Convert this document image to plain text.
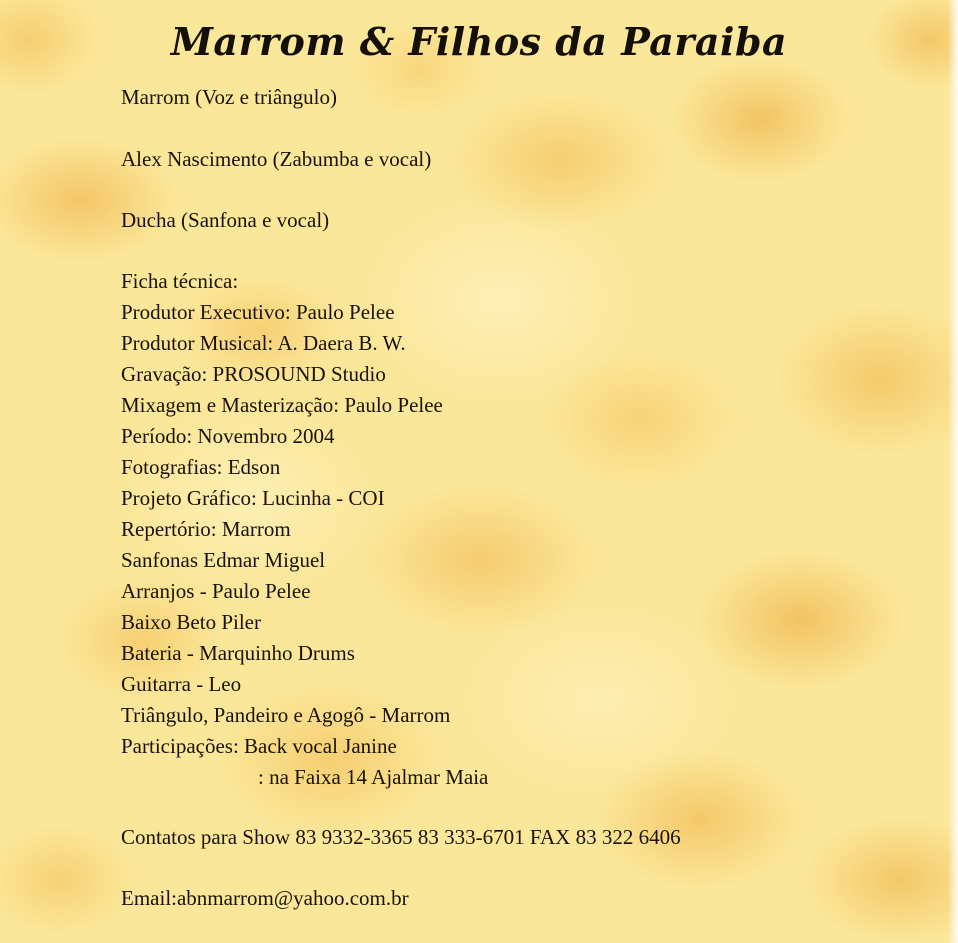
Marrom & Filhos da Paraiba

Marrom (Voz e triângulo)

Alex Nascimento (Zabumba e vocal)

Ducha (Sanfona e vocal)

Ficha técnica:

Produtor Executivo: Paulo Pelee

Produtor Musical: A. Daera B. W.

Gravação: PROSOUND Studio

Mixagem e Masterização: Paulo Pelee

Período: Novembro 2004

Fotografias: Edson

Projeto Gráfico: Lucinha - COI

Repertório: Marrom

Sanfonas Edmar Miguel

Arranjos - Paulo Pelee

Baixo Beto Piler

Bateria - Marquinho Drums

Guitarra - Leo

Triângulo, Pandeiro e Agogô - Marrom

Participações: Back vocal Janine

: na Faixa 14 Ajalmar Maia

Contatos para Show 83 9332-3365 83 333-6701 FAX 83 322 6406

Email:abnmarrom@yahoo.com.br
